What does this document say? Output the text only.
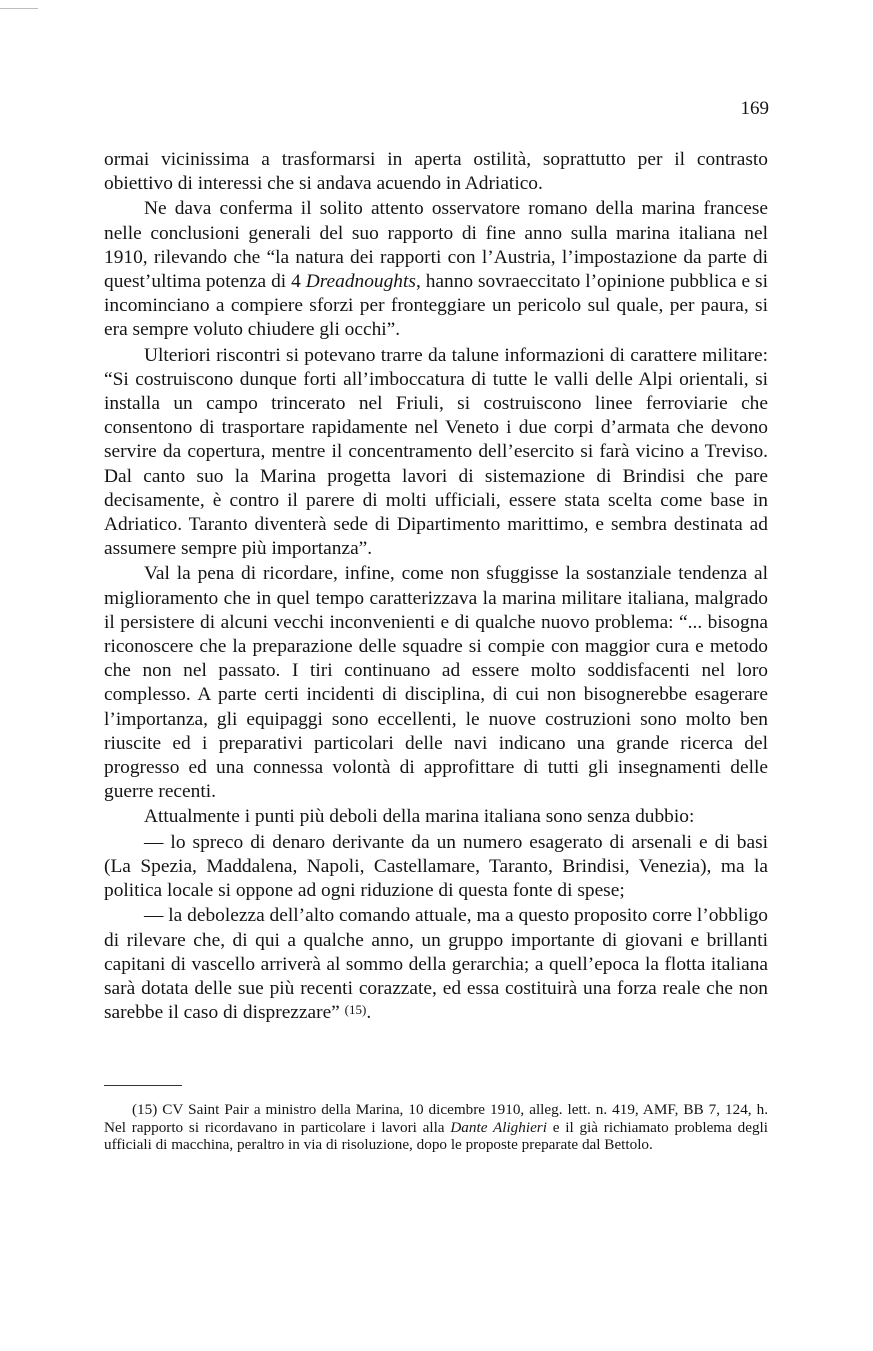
169

ormai vicinissima a trasformarsi in aperta ostilità, soprattutto per il contrasto obiettivo di interessi che si andava acuendo in Adriatico.

Ne dava conferma il solito attento osservatore romano della marina francese nelle conclusioni generali del suo rapporto di fine anno sulla marina italiana nel 1910, rilevando che “la natura dei rapporti con l’Austria, l’impostazione da parte di quest’ultima potenza di 4 Dreadnoughts, hanno sovraeccitato l’opinione pubblica e si incominciano a compiere sforzi per fronteggiare un pericolo sul quale, per paura, si era sempre voluto chiudere gli occhi”.

Ulteriori riscontri si potevano trarre da talune informazioni di carattere militare: “Si costruiscono dunque forti all’imboccatura di tutte le valli delle Alpi orientali, si installa un campo trincerato nel Friuli, si costruiscono linee ferroviarie che consentono di trasportare rapidamente nel Veneto i due corpi d’armata che devono servire da copertura, mentre il concentramento dell’esercito si farà vicino a Treviso. Dal canto suo la Marina progetta lavori di sistemazione di Brindisi che pare decisamente, è contro il parere di molti ufficiali, essere stata scelta come base in Adriatico. Taranto diventerà sede di Dipartimento marittimo, e sembra destinata ad assumere sempre più importanza”.

Val la pena di ricordare, infine, come non sfuggisse la sostanziale tendenza al miglioramento che in quel tempo caratterizzava la marina militare italiana, malgrado il persistere di alcuni vecchi inconvenienti e di qualche nuovo problema: “... bisogna riconoscere che la preparazione delle squadre si compie con maggior cura e metodo che non nel passato. I tiri continuano ad essere molto soddisfacenti nel loro complesso. A parte certi incidenti di disciplina, di cui non bisognerebbe esagerare l’importanza, gli equipaggi sono eccellenti, le nuove costruzioni sono molto ben riuscite ed i preparativi particolari delle navi indicano una grande ricerca del progresso ed una connessa volontà di approfittare di tutti gli insegnamenti delle guerre recenti.

Attualmente i punti più deboli della marina italiana sono senza dubbio:

— lo spreco di denaro derivante da un numero esagerato di arsenali e di basi (La Spezia, Maddalena, Napoli, Castellamare, Taranto, Brindisi, Venezia), ma la politica locale si oppone ad ogni riduzione di questa fonte di spese;

— la debolezza dell’alto comando attuale, ma a questo proposito corre l’obbligo di rilevare che, di qui a qualche anno, un gruppo importante di giovani e brillanti capitani di vascello arriverà al sommo della gerarchia; a quell’epoca la flotta italiana sarà dotata delle sue più recenti corazzate, ed essa costituirà una forza reale che non sarebbe il caso di disprezzare” $^{(15)}$.

(15) CV Saint Pair a ministro della Marina, 10 dicembre 1910, alleg. lett. n. 419, AMF, BB 7, 124, h. Nel rapporto si ricordavano in particolare i lavori alla Dante Alighieri e il già richiamato problema degli ufficiali di macchina, peraltro in via di risoluzione, dopo le proposte preparate dal Bettolo.
